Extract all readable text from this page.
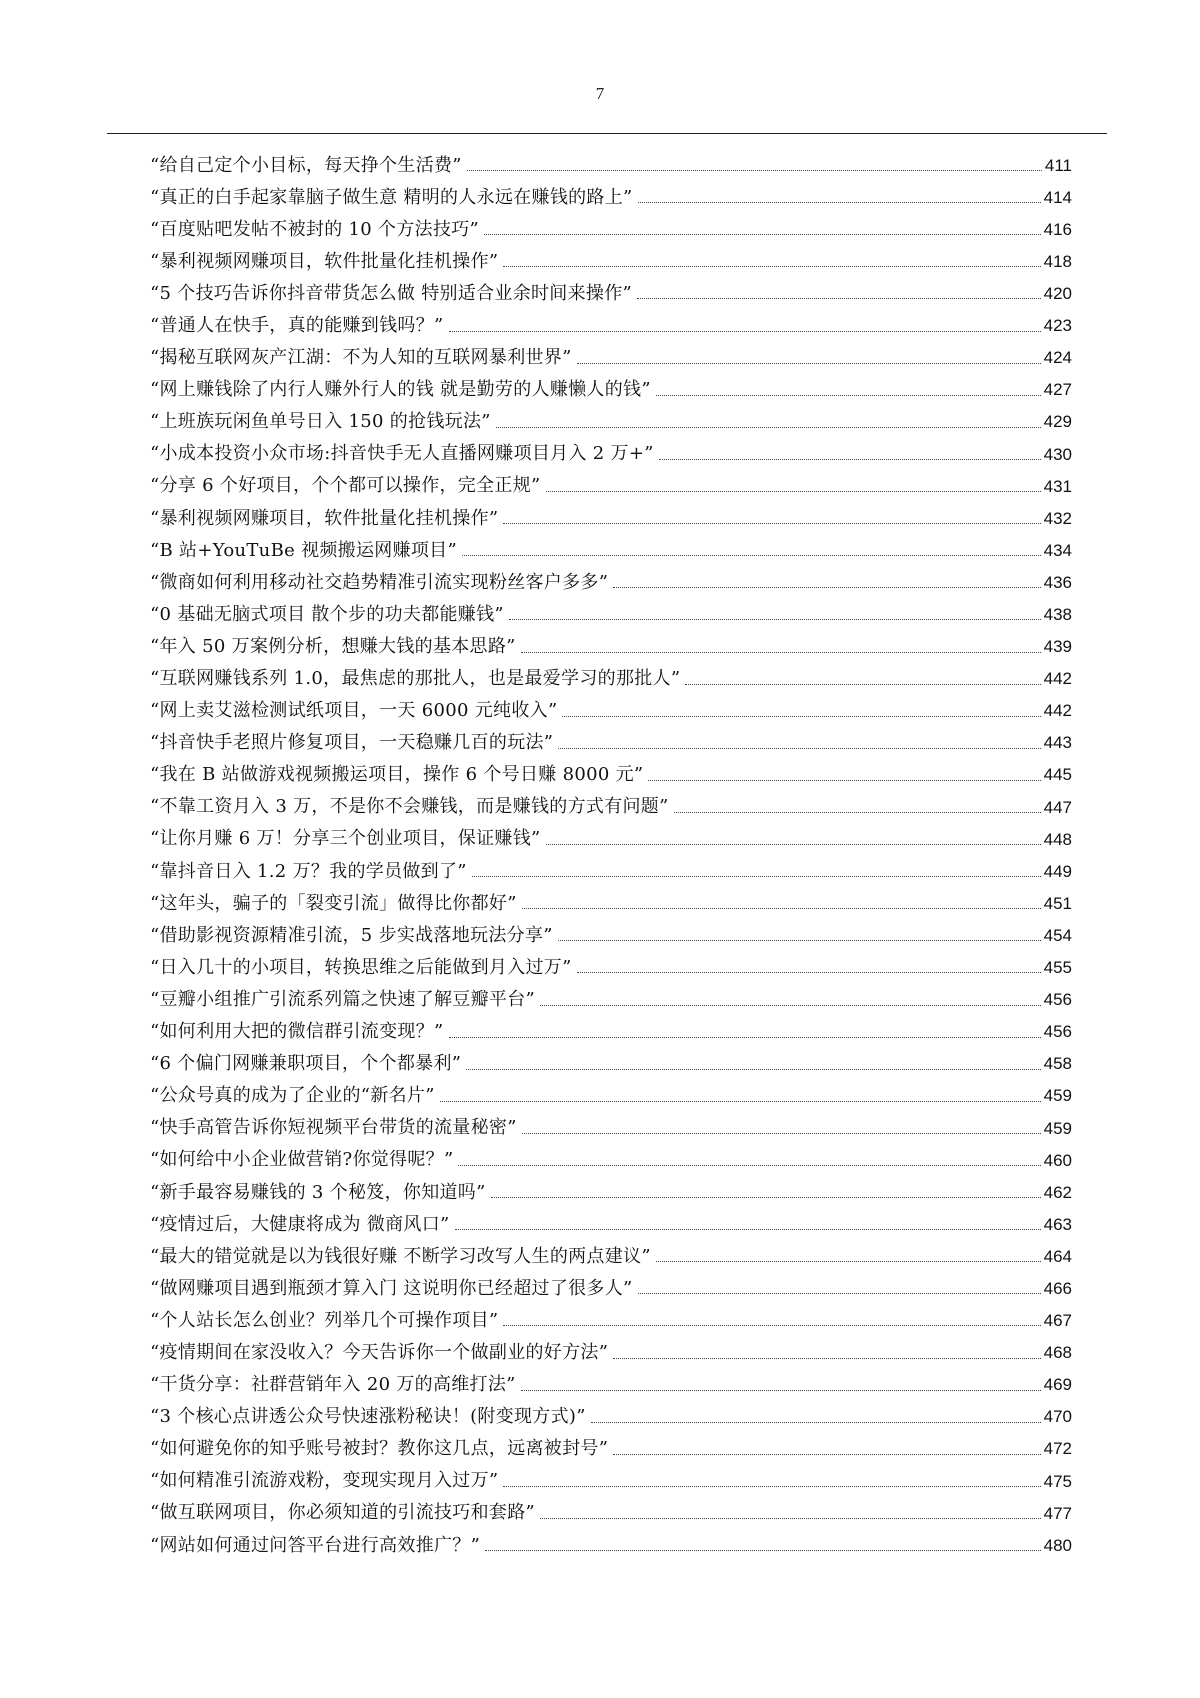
7
“给自己定个小目标，每天挣个生活费”	411
“真正的白手起家靠脑子做生意 精明的人永远在赚钱的路上”	414
“百度贴吧发帖不被封的 10 个方法技巧”	416
“暴利视频网赚项目，软件批量化挂机操作”	418
“5 个技巧告诉你抖音带货怎么做 特别适合业余时间来操作”	420
“普通人在快手，真的能赚到钱吗？”	423
“揭秘互联网灰产江湖：不为人知的互联网暴利世界”	424
“网上赚钱除了内行人赚外行人的钱 就是勤劳的人赚懒人的钱”	427
“上班族玩闲鱼单号日入 150 的抢钱玩法”	429
“小成本投资小众市场:抖音快手无人直播网赚项目月入 2 万+”	430
“分享 6 个好项目，个个都可以操作，完全正规”	431
“暴利视频网赚项目，软件批量化挂机操作”	432
“B 站+YouTuBe 视频搬运网赚项目”	434
“微商如何利用移动社交趋势精准引流实现粉丝客户多多”	436
“0 基础无脑式项目 散个步的功夫都能赚钱”	438
“年入 50 万案例分析，想赚大钱的基本思路”	439
“互联网赚钱系列 1.0，最焦虑的那批人，也是最爱学习的那批人”	442
“网上卖艾滋检测试纸项目，一天 6000 元纯收入”	442
“抖音快手老照片修复项目，一天稳赚几百的玩法”	443
“我在 B 站做游戏视频搬运项目，操作 6 个号日赚 8000 元”	445
“不靠工资月入 3 万，不是你不会赚钱，而是赚钱的方式有问题”	447
“让你月赚 6 万！分享三个创业项目，保证赚钱”	448
“靠抖音日入 1.2 万？我的学员做到了”	449
“这年头，骗子的「裂变引流」做得比你都好”	451
“借助影视资源精准引流，5 步实战落地玩法分享”	454
“日入几十的小项目，转换思维之后能做到月入过万”	455
“豆瓣小组推广引流系列篇之快速了解豆瓣平台”	456
“如何利用大把的微信群引流变现？”	456
“6 个偏门网赚兼职项目，个个都暴利”	458
“公众号真的成为了企业的“新名片”	459
“快手高管告诉你短视频平台带货的流量秘密”	459
“如何给中小企业做营销?你觉得呢？”	460
“新手最容易赚钱的 3 个秘笈，你知道吗”	462
“疫情过后，大健康将成为 微商风口”	463
“最大的错觉就是以为钱很好赚 不断学习改写人生的两点建议”	464
“做网赚项目遇到瓶颈才算入门 这说明你已经超过了很多人”	466
“个人站长怎么创业？列举几个可操作项目”	467
“疫情期间在家没收入？今天告诉你一个做副业的好方法”	468
“干货分享：社群营销年入 20 万的高维打法”	469
“3 个核心点讲透公众号快速涨粉秘诀！(附变现方式)”	470
“如何避免你的知乎账号被封？教你这几点，远离被封号”	472
“如何精准引流游戏粉，变现实现月入过万”	475
“做互联网项目，你必须知道的引流技巧和套路”	477
“网站如何通过问答平台进行高效推广？”	480
